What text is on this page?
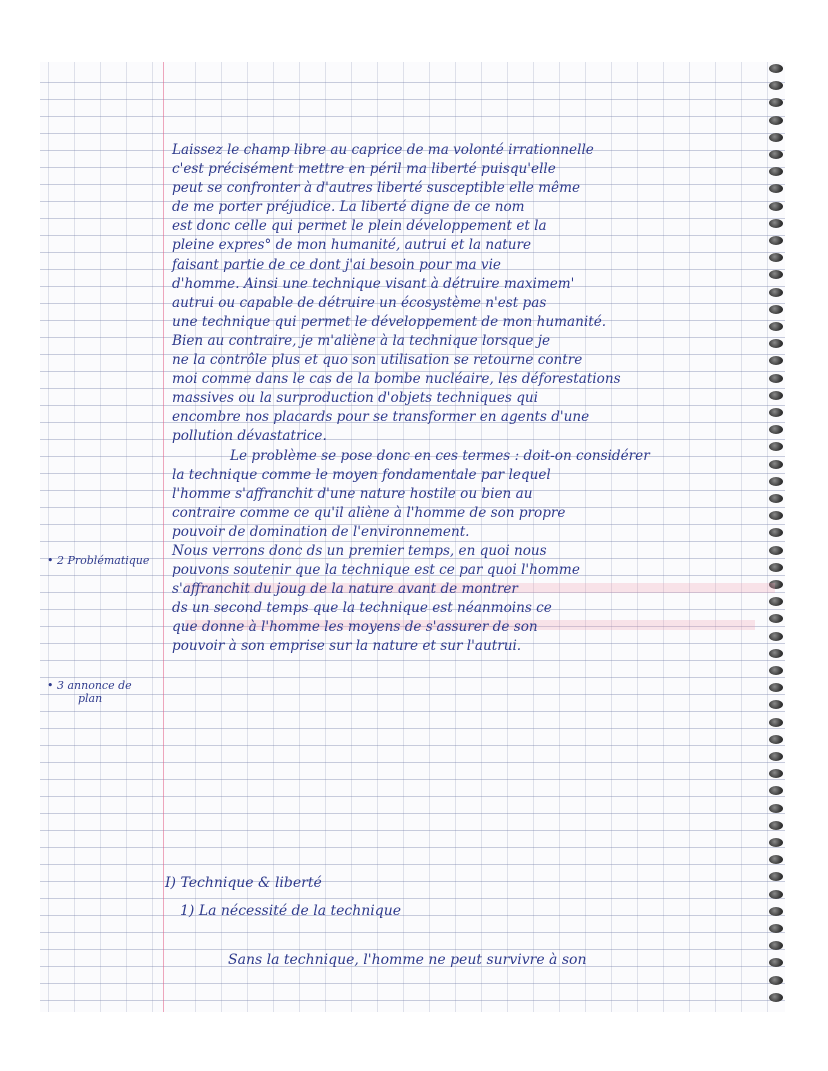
• 2 Problématique
• 3 annonce de
plan
Laissez le champ libre au caprice de ma volonté irrationnelle
c'est précisément mettre en péril ma liberté puisqu'elle
peut se confronter à d'autres liberté susceptible elle même
de me porter préjudice. La liberté digne de ce nom
est donc celle qui permet le plein développement et la
pleine expres° de mon humanité, autrui et la nature
faisant partie de ce dont j'ai besoin pour ma vie
d'homme. Ainsi une technique visant à détruire maximem'
autrui ou capable de détruire un écosystème n'est pas
une technique qui permet le développement de mon humanité.
Bien au contraire, je m'aliène à la technique lorsque je
ne la contrôle plus et quo son utilisation se retourne contre
moi comme dans le cas de la bombe nucléaire, les déforestations
massives ou la surproduction d'objets techniques qui
encombre nos placards pour se transformer en agents d'une
pollution dévastatrice.
Le problème se pose donc en ces termes : doit-on considérer
la technique comme le moyen fondamentale par lequel
l'homme s'affranchit d'une nature hostile ou bien au
contraire comme ce qu'il aliène à l'homme de son propre
pouvoir de domination de l'environnement.
Nous verrons donc ds un premier temps, en quoi nous
pouvons soutenir que la technique est ce par quoi l'homme
s'affranchit du joug de la nature avant de montrer
ds un second temps que la technique est néanmoins ce
que donne à l'homme les moyens de s'assurer de son
pouvoir à son emprise sur la nature et sur l'autrui.
I) Technique & liberté
1) La nécessité de la technique
Sans la technique, l'homme ne peut survivre à son
